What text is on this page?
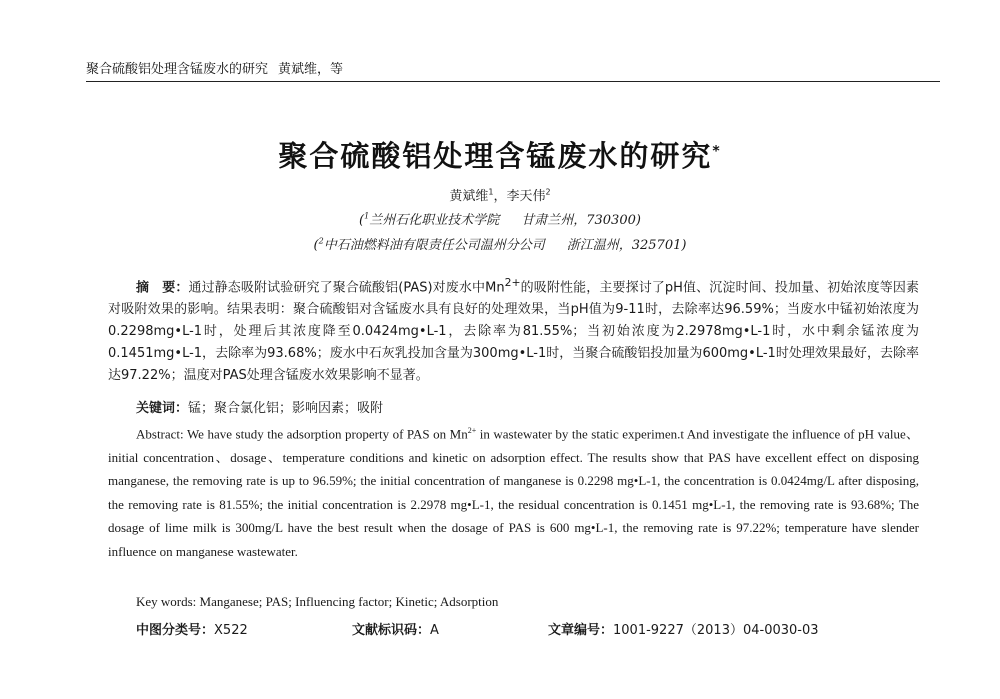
聚合硫酸铝处理含锰废水的研究 黄斌维，等
聚合硫酸铝处理含锰废水的研究*
黄斌维$^1$，李天伟$^2$
($^1$兰州石化职业技术学院 甘肃兰州，730300)
($^2$中石油燃料油有限责任公司温州分公司 浙江温州，325701)

摘　要：通过静态吸附试验研究了聚合硫酸铝(PAS)对废水中$Mn^{2+}$的吸附性能，主要探讨了pH值、沉淀时间、投加量、初始浓度等因素对吸附效果的影响。结果表明：聚合硫酸铝对含锰废水具有良好的处理效果，当pH值为9-11时，去除率达96.59%；当废水中锰初始浓度为0.2298mg•L-1时，处理后其浓度降至0.0424mg•L-1，去除率为81.55%；当初始浓度为2.2978mg•L-1时，水中剩余锰浓度为0.1451mg•L-1，去除率为93.68%；废水中石灰乳投加含量为300mg•L-1时，当聚合硫酸铝投加量为600mg•L-1时处理效果最好，去除率达97.22%；温度对PAS处理含锰废水效果影响不显著。

关键词：锰；聚合氯化铝；影响因素；吸附

Abstract: We have study the adsorption property of PAS on $Mn^{2+}$ in wastewater by the static experimen.t And investigate the influence of pH value、initial concentration、dosage、temperature conditions and kinetic on adsorption effect. The results show that PAS have excellent effect on disposing manganese, the removing rate is up to 96.59%; the initial concentration of manganese is 0.2298 mg•L-1, the concentration is 0.0424mg/L after disposing, the removing rate is 81.55%; the initial concentration is 2.2978 mg•L-1, the residual concentration is 0.1451 mg•L-1, the removing rate is 93.68%; The dosage of lime milk is 300mg/L have the best result when the dosage of PAS is 600 mg•L-1, the removing rate is 97.22%; temperature have slender influence on manganese wastewater.

Key words: Manganese; PAS; Influencing factor; Kinetic; Adsorption
中图分类号：X522	文献标识码：A	文章编号：1001-9227（2013）04-0030-03
